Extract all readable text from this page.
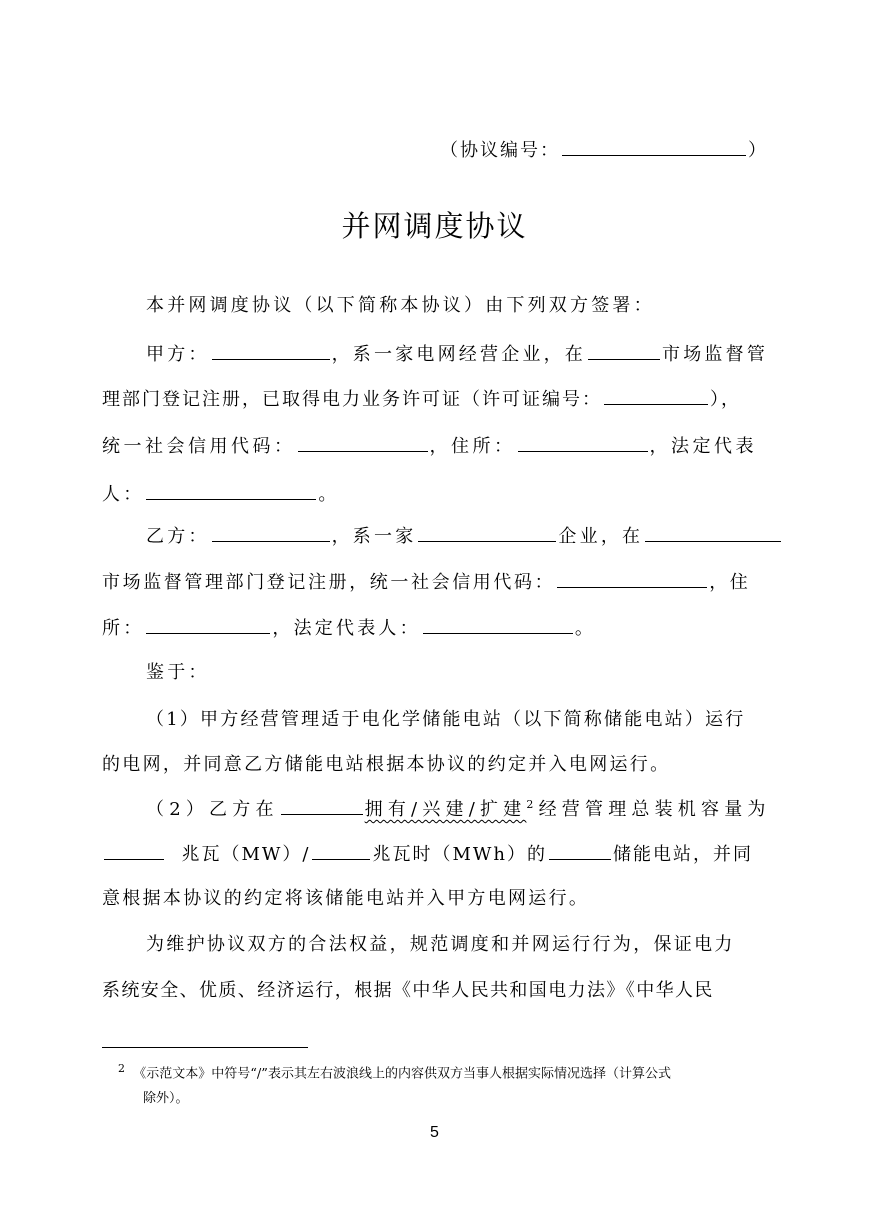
（协议编号：	）
并网调度协议
本并网调度协议（以下简称本协议）由下列双方签署：
甲方：	，系一家电网经营企业，在	市场监督管
理部门登记注册，已取得电力业务许可证（许可证编号：	），
统一社会信用代码：	，住所：	，法定代表
人：	。
乙方：	，系一家	企业，在
市场监督管理部门登记注册，统一社会信用代码：	，住
所：	，法定代表人：	。
鉴于：
（1）甲方经营管理适于电化学储能电站（以下简称储能电站）运行
的电网，并同意乙方储能电站根据本协议的约定并入电网运行。
（2）乙方在	拥有/兴建/扩建$^2$经营管理总装机容量为
兆瓦（MW）/	兆瓦时（MWh）的	储能电站，并同
意根据本协议的约定将该储能电站并入甲方电网运行。
为维护协议双方的合法权益，规范调度和并网运行行为，保证电力
系统安全、优质、经济运行，根据《中华人民共和国电力法》《中华人民
$^2$ 《示范文本》中符号“/”表示其左右波浪线上的内容供双方当事人根据实际情况选择（计算公式
除外）。
5
